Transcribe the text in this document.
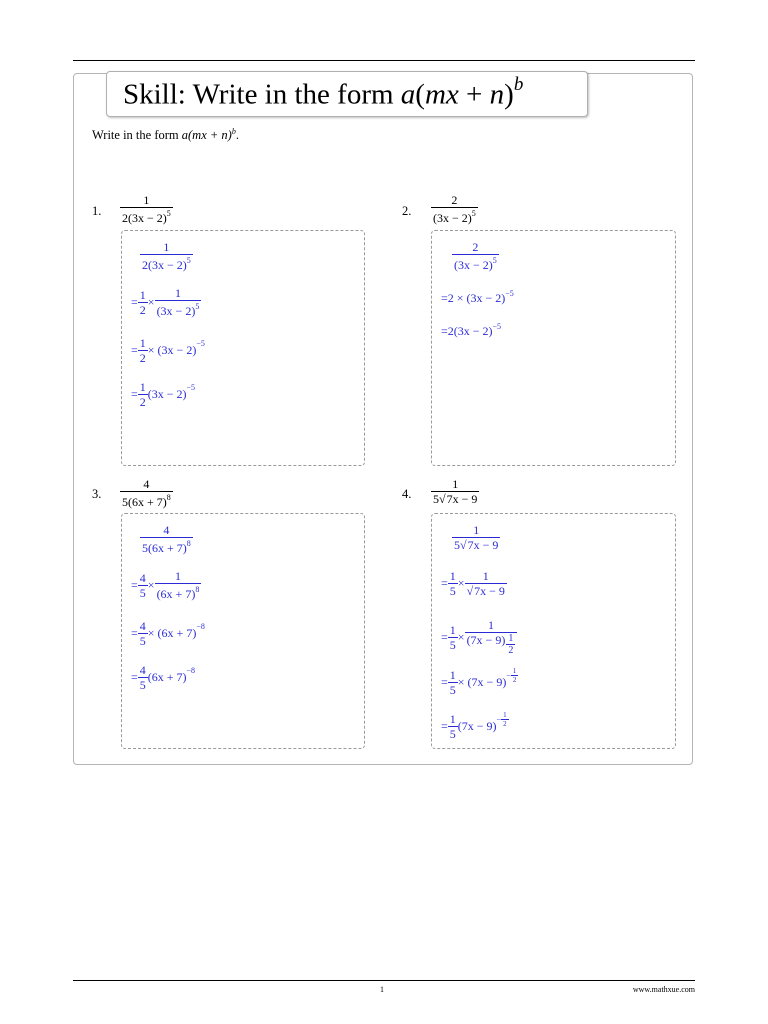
Skill: Write in the form a(mx + n)$^b$
Write in the form a(mx + n)$^b$.
1. $\frac{1}{2(3x - 2)^5}$
$\frac{1}{2(3x - 2)^5}$
= $\frac{1}{2} \times \frac{1}{(3x - 2)^5}$
= $\frac{1}{2} \times (3x - 2)^{-5}$
= $\frac{1}{2} (3x - 2)^{-5}$
2. $\frac{2}{(3x - 2)^5}$
$\frac{2}{(3x - 2)^5}$
$=2 \times (3x - 2)^{-5}$
$=2(3x - 2)^{-5}$
3. $\frac{4}{5(6x + 7)^8}$
$\frac{4}{5(6x + 7)^8}$
= $\frac{4}{5} \times \frac{1}{(6x + 7)^8}$
= $\frac{4}{5} \times (6x + 7)^{-8}$
= $\frac{4}{5} (6x + 7)^{-8}$
4. $\frac{1}{5√7x - 9}$
$\frac{1}{5√7x - 9}$
= $\frac{1}{5} \times \frac{1}{√7x - 9}$
= $\frac{1}{5} \times \frac{1}{(7x - 9) \frac{1}{2}}$
= $\frac{1}{5} \times (7x - 9) - \frac{1}{2}$
= $\frac{1}{5} (7x - 9) - \frac{1}{2}$
1	www.mathxue.com
